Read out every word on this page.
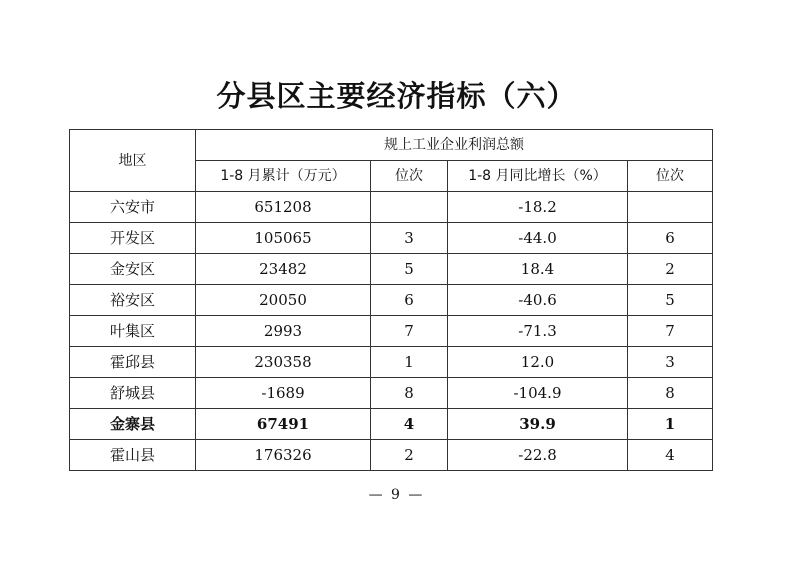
分县区主要经济指标（六）
地区	规上工业企业利润总额			
	1-8 月累计（万元）	位次	1-8 月同比增长（%）	位次
六安市	651208		-18.2	
开发区	105065	3	-44.0	6
金安区	23482	5	18.4	2
裕安区	20050	6	-40.6	5
叶集区	2993	7	-71.3	7
霍邱县	230358	1	12.0	3
舒城县	-1689	8	-104.9	8
金寨县	67491	4	39.9	1
霍山县	176326	2	-22.8	4
— 9 —
